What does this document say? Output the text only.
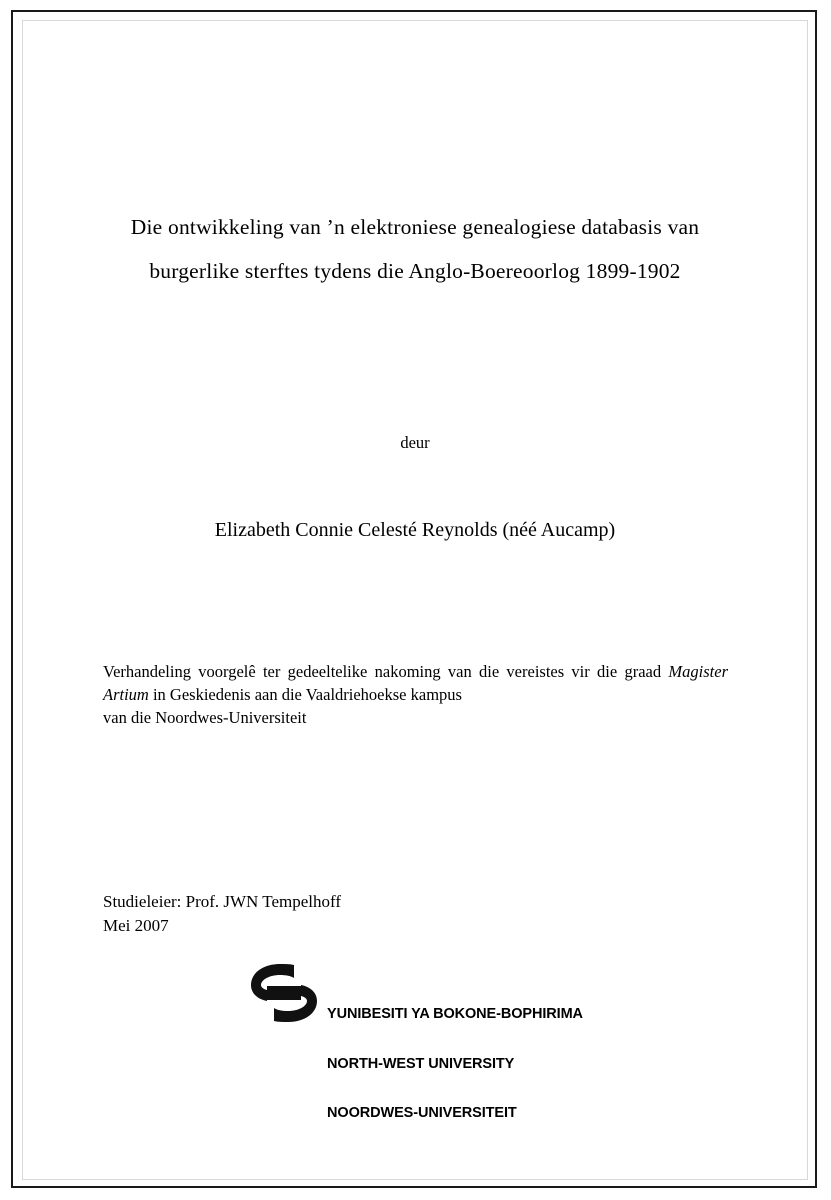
Die ontwikkeling van ’n elektroniese genealogiese databasis van
burgerlike sterftes tydens die Anglo-Boereoorlog 1899-1902
deur
Elizabeth Connie Celesté Reynolds (néé Aucamp)

Verhandeling voorgelê ter gedeeltelike nakoming van die vereistes vir die graad Magister Artium in Geskiedenis aan die Vaaldriehoekse kampus

van die Noordwes-Universiteit

Studieleier: Prof. JWN Tempelhoff
Mei 2007

YUNIBESITI YA BOKONE-BOPHIRIMA

NORTH-WEST UNIVERSITY

NOORDWES-UNIVERSITEIT
